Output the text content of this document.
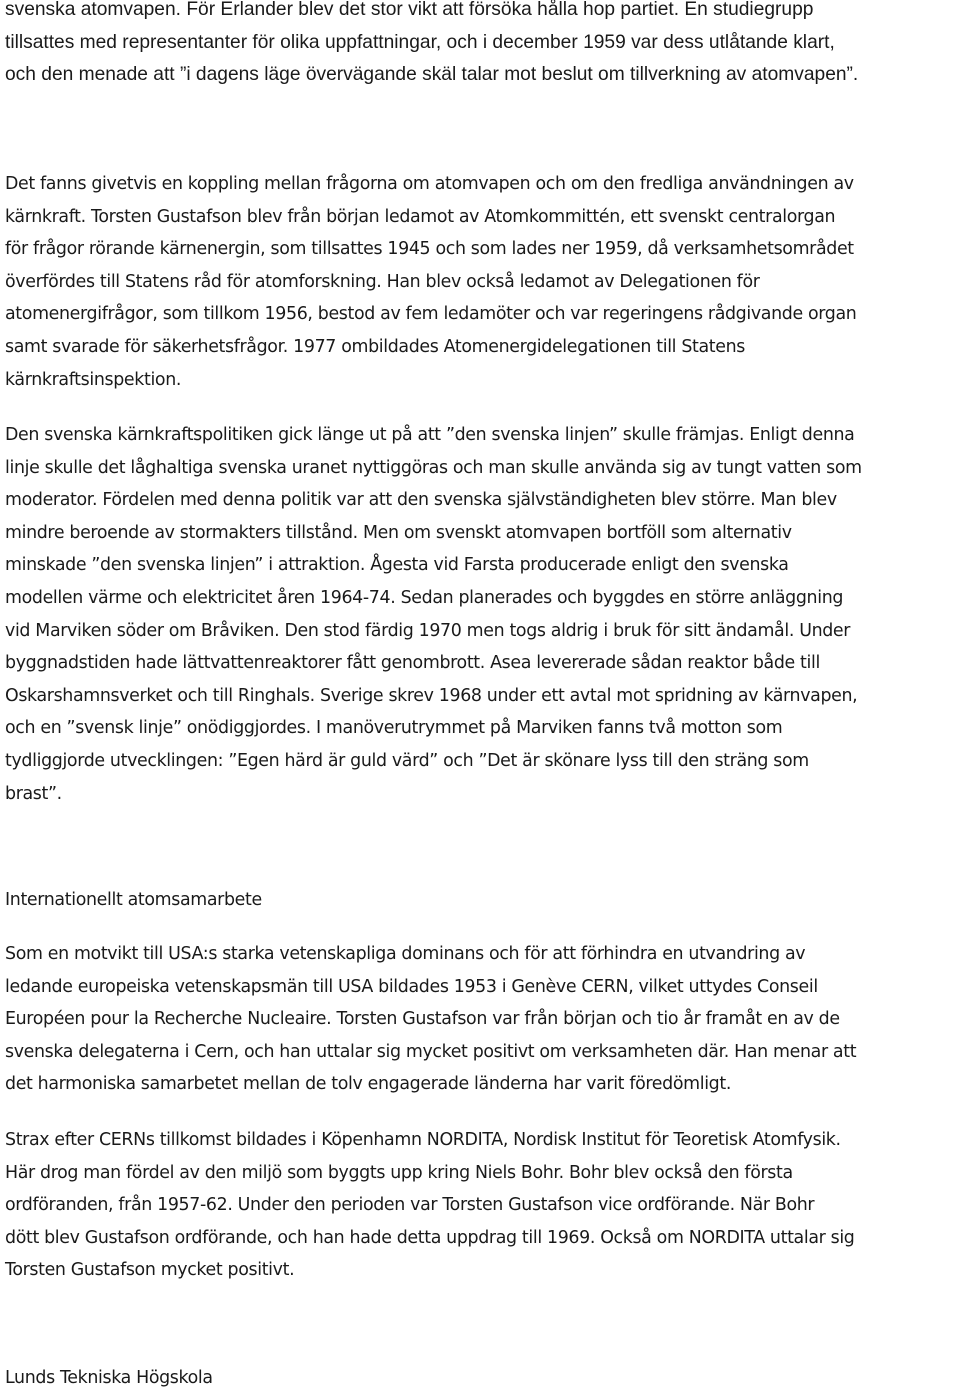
svenska atomvapen. För Erlander blev det stor vikt att försöka hålla hop partiet. En studiegrupp
tillsattes med representanter för olika uppfattningar, och i december 1959 var dess utlåtande klart,
och den menade att ”i dagens läge övervägande skäl talar mot beslut om tillverkning av atomvapen”.

Det fanns givetvis en koppling mellan frågorna om atomvapen och om den fredliga användningen av
kärnkraft. Torsten Gustafson blev från början ledamot av Atomkommittén, ett svenskt centralorgan
för frågor rörande kärnenergin, som tillsattes 1945 och som lades ner 1959, då verksamhetsområdet
överfördes till Statens råd för atomforskning. Han blev också ledamot av Delegationen för
atomenergifrågor, som tillkom 1956, bestod av fem ledamöter och var regeringens rådgivande organ
samt svarade för säkerhetsfrågor. 1977 ombildades Atomenergidelegationen till Statens
kärnkraftsinspektion.

Den svenska kärnkraftspolitiken gick länge ut på att ”den svenska linjen” skulle främjas. Enligt denna
linje skulle det låghaltiga svenska uranet nyttiggöras och man skulle använda sig av tungt vatten som
moderator. Fördelen med denna politik var att den svenska självständigheten blev större. Man blev
mindre beroende av stormakters tillstånd. Men om svenskt atomvapen bortföll som alternativ
minskade ”den svenska linjen” i attraktion. Ågesta vid Farsta producerade enligt den svenska
modellen värme och elektricitet åren 1964-74. Sedan planerades och byggdes en större anläggning
vid Marviken söder om Bråviken. Den stod färdig 1970 men togs aldrig i bruk för sitt ändamål. Under
byggnadstiden hade lättvattenreaktorer fått genombrott. Asea levererade sådan reaktor både till
Oskarshamnsverket och till Ringhals. Sverige skrev 1968 under ett avtal mot spridning av kärnvapen,
och en ”svensk linje” onödiggjordes. I manöverutrymmet på Marviken fanns två motton som
tydliggjorde utvecklingen: ”Egen härd är guld värd” och ”Det är skönare lyss till den sträng som
brast”.

Internationellt atomsamarbete

Som en motvikt till USA:s starka vetenskapliga dominans och för att förhindra en utvandring av
ledande europeiska vetenskapsmän till USA bildades 1953 i Genève CERN, vilket uttydes Conseil
Européen pour la Recherche Nucleaire. Torsten Gustafson var från början och tio år framåt en av de
svenska delegaterna i Cern, och han uttalar sig mycket positivt om verksamheten där. Han menar att
det harmoniska samarbetet mellan de tolv engagerade länderna har varit föredömligt.

Strax efter CERNs tillkomst bildades i Köpenhamn NORDITA, Nordisk Institut för Teoretisk Atomfysik.
Här drog man fördel av den miljö som byggts upp kring Niels Bohr. Bohr blev också den första
ordföranden, från 1957-62. Under den perioden var Torsten Gustafson vice ordförande. När Bohr
dött blev Gustafson ordförande, och han hade detta uppdrag till 1969. Också om NORDITA uttalar sig
Torsten Gustafson mycket positivt.

Lunds Tekniska Högskola
